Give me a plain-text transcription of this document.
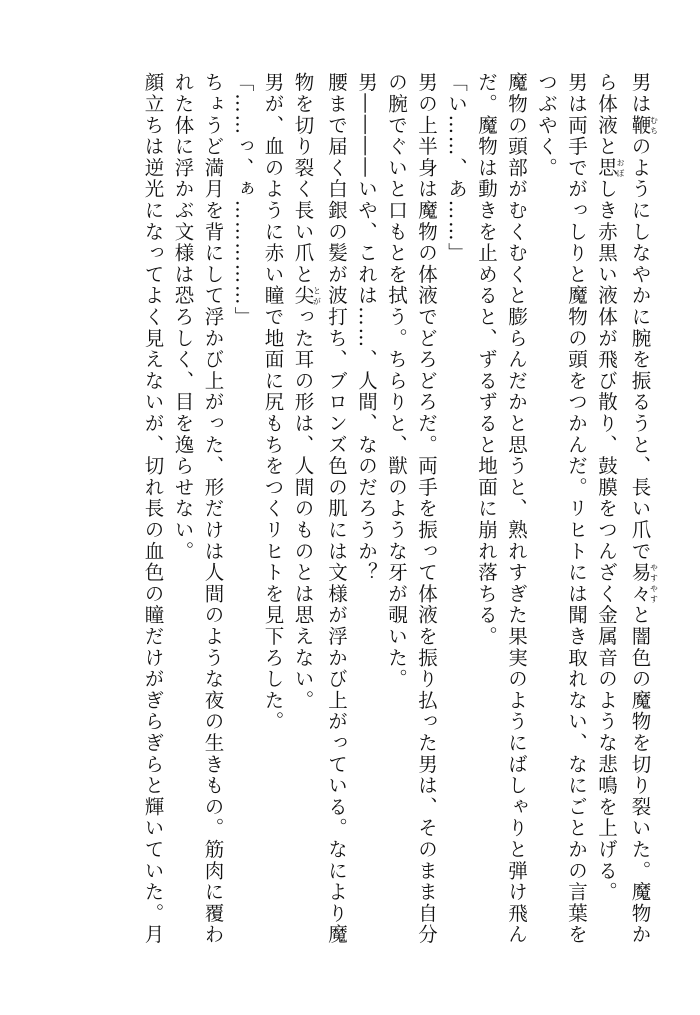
男は鞭むちのようにしなやかに腕を振るうと、長い爪で易々やすやすと闇色の魔物を切り裂いた。魔物か
ら体液と思おぼしき赤黒い液体が飛び散り、鼓膜をつんざく金属音のような悲鳴を上げる。
男は両手でがっしりと魔物の頭をつかんだ。リヒトには聞き取れない、なにごとかの言葉を
つぶやく。
魔物の頭部がむくむくと膨らんだかと思うと、熟れすぎた果実のようにばしゃりと弾け飛ん
だ。魔物は動きを止めると、ずるずると地面に崩れ落ちる。
「い……、あ……」
男の上半身は魔物の体液でどろどろだ。両手を振って体液を振り払った男は、そのまま自分
の腕でぐいと口もとを拭う。ちらりと、獣のような牙が覗いた。
男――――いや、これは……、人間、なのだろうか？
腰まで届く白銀の髪が波打ち、ブロンズ色の肌には文様が浮かび上がっている。なにより魔
物を切り裂く長い爪と尖とがった耳の形は、人間のものとは思えない。
男が、血のように赤い瞳で地面に尻もちをつくリヒトを見下ろした。
「……っ、ぁ……………」
ちょうど満月を背にして浮かび上がった、形だけは人間のような夜の生きもの。筋肉に覆わ
れた体に浮かぶ文様は恐ろしく、目を逸らせない。
顔立ちは逆光になってよく見えないが、切れ長の血色の瞳だけがぎらぎらと輝いていた。月
